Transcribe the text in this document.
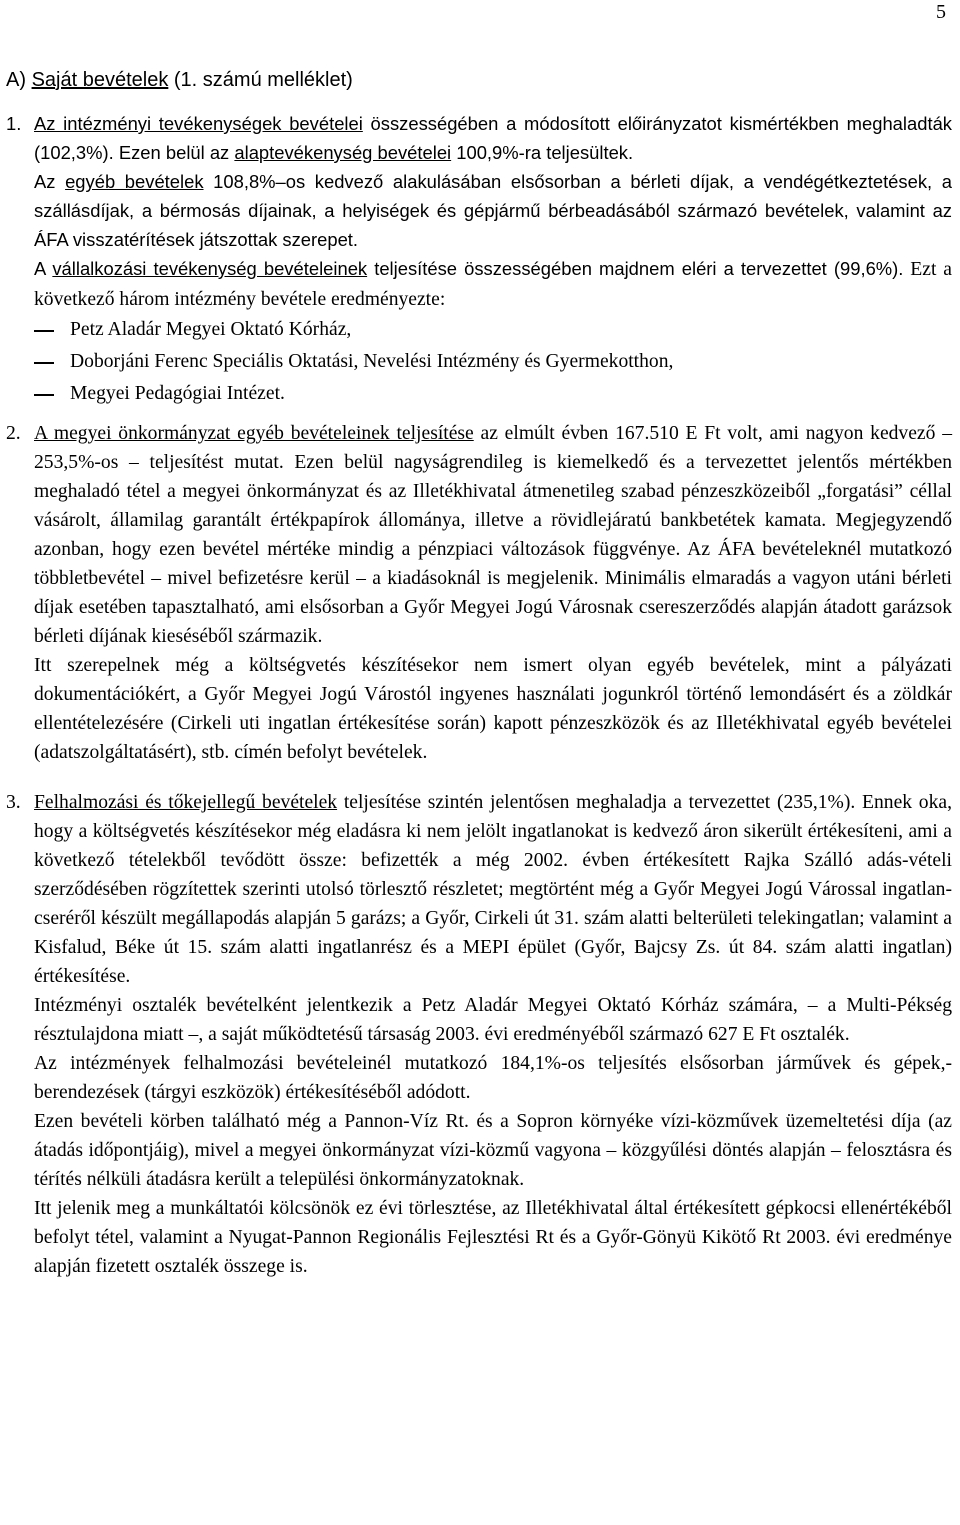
5
A) Saját bevételek (1. számú melléklet)
1. Az intézményi tevékenységek bevételei összességében a módosított előirányzatot kismértékben meghaladták (102,3%). Ezen belül az alaptevékenység bevételei 100,9%-ra teljesültek.

Az egyéb bevételek 108,8%–os kedvező alakulásában elsősorban a bérleti díjak, a vendégétkeztetések, a szállásdíjak, a bérmosás díjainak, a helyiségek és gépjármű bérbeadásából származó bevételek, valamint az ÁFA visszatérítések játszottak szerepet.

A vállalkozási tevékenység bevételeinek teljesítése összességében majdnem eléri a tervezettet (99,6%). Ezt a következő három intézmény bevétele eredményezte:

Petz Aladár Megyei Oktató Kórház,
Doborjáni Ferenc Speciális Oktatási, Nevelési Intézmény és Gyermekotthon,
Megyei Pedagógiai Intézet.
2. A megyei önkormányzat egyéb bevételeinek teljesítése az elmúlt évben 167.510 E Ft volt, ami nagyon kedvező – 253,5%-os – teljesítést mutat. Ezen belül nagyságrendileg is kiemelkedő és a tervezettet jelentős mértékben meghaladó tétel a megyei önkormányzat és az Illetékhivatal átmenetileg szabad pénzeszközeiből „forgatási” céllal vásárolt, államilag garantált értékpapírok állománya, illetve a rövidlejáratú bankbetétek kamata. Megjegyzendő azonban, hogy ezen bevétel mértéke mindig a pénzpiaci változások függvénye. Az ÁFA bevételeknél mutatkozó többletbevétel – mivel befizetésre kerül – a kiadásoknál is megjelenik. Minimális elmaradás a vagyon utáni bérleti díjak esetében tapasztalható, ami elsősorban a Győr Megyei Jogú Városnak csereszerződés alapján átadott garázsok bérleti díjának kieséséből származik.

Itt szerepelnek még a költségvetés készítésekor nem ismert olyan egyéb bevételek, mint a pályázati dokumentációkért, a Győr Megyei Jogú Várostól ingyenes használati jogunkról történő lemondásért és a zöldkár ellentételezésére (Cirkeli uti ingatlan értékesítése során) kapott pénzeszközök és az Illetékhivatal egyéb bevételei (adatszolgáltatásért), stb. címén befolyt bevételek.

3. Felhalmozási és tőkejellegű bevételek teljesítése szintén jelentősen meghaladja a tervezettet (235,1%). Ennek oka, hogy a költségvetés készítésekor még eladásra ki nem jelölt ingatlanokat is kedvező áron sikerült értékesíteni, ami a következő tételekből tevődött össze: befizették a még 2002. évben értékesített Rajka Szálló adás-vételi szerződésében rögzítettek szerinti utolsó törlesztő részletet; megtörtént még a Győr Megyei Jogú Várossal ingatlan-cseréről készült megállapodás alapján 5 garázs; a Győr, Cirkeli út 31. szám alatti belterületi telekingatlan; valamint a Kisfalud, Béke út 15. szám alatti ingatlanrész és a MEPI épület (Győr, Bajcsy Zs. út 84. szám alatti ingatlan) értékesítése.

Intézményi osztalék bevételként jelentkezik a Petz Aladár Megyei Oktató Kórház számára, – a Multi-Pékség résztulajdona miatt –, a saját működtetésű társaság 2003. évi eredményéből származó 627 E Ft osztalék.

Az intézmények felhalmozási bevételeinél mutatkozó 184,1%-os teljesítés elsősorban járművek és gépek,-berendezések (tárgyi eszközök) értékesítéséből adódott.

Ezen bevételi körben található még a Pannon-Víz Rt. és a Sopron környéke vízi-közművek üzemeltetési díja (az átadás időpontjáig), mivel a megyei önkormányzat vízi-közmű vagyona – közgyűlési döntés alapján – felosztásra és térítés nélküli átadásra került a települési önkormányzatoknak.

Itt jelenik meg a munkáltatói kölcsönök ez évi törlesztése, az Illetékhivatal által értékesített gépkocsi ellenértékéből befolyt tétel, valamint a Nyugat-Pannon Regionális Fejlesztési Rt és a Győr-Gönyü Kikötő Rt 2003. évi eredménye alapján fizetett osztalék összege is.
